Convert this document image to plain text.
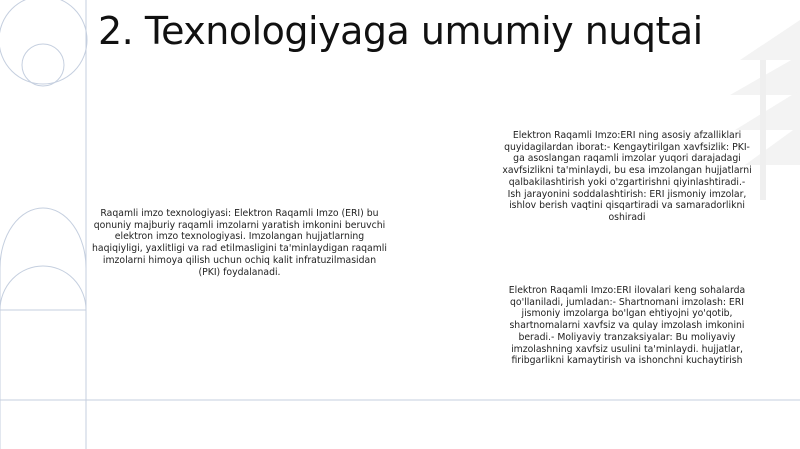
2. Texnologiyaga umumiy nuqtai
Raqamli imzo texnologiyasi: Elektron Raqamli Imzo (ERI) bu qonuniy majburiy raqamli imzolarni yaratish imkonini beruvchi elektron imzo texnologiyasi. Imzolangan hujjatlarning haqiqiyligi, yaxlitligi va rad etilmasligini ta'minlaydigan raqamli imzolarni himoya qilish uchun ochiq kalit infratuzilmasidan (PKI) foydalanadi.
Elektron Raqamli Imzo:ERI ning asosiy afzalliklari quyidagilardan iborat:- Kengaytirilgan xavfsizlik: PKI-ga asoslangan raqamli imzolar yuqori darajadagi xavfsizlikni ta'minlaydi, bu esa imzolangan hujjatlarni qalbakilashtirish yoki o'zgartirishni qiyinlashtiradi.- Ish jarayonini soddalashtirish: ERI jismoniy imzolar, ishlov berish vaqtini qisqartiradi va samaradorlikni oshiradi
Elektron Raqamli Imzo:ERI ilovalari keng sohalarda qo'llaniladi, jumladan:- Shartnomani imzolash: ERI jismoniy imzolarga bo'lgan ehtiyojni yo'qotib, shartnomalarni xavfsiz va qulay imzolash imkonini beradi.- Moliyaviy tranzaksiyalar: Bu moliyaviy imzolashning xavfsiz usulini ta'minlaydi. hujjatlar, firibgarlikni kamaytirish va ishonchni kuchaytirish
